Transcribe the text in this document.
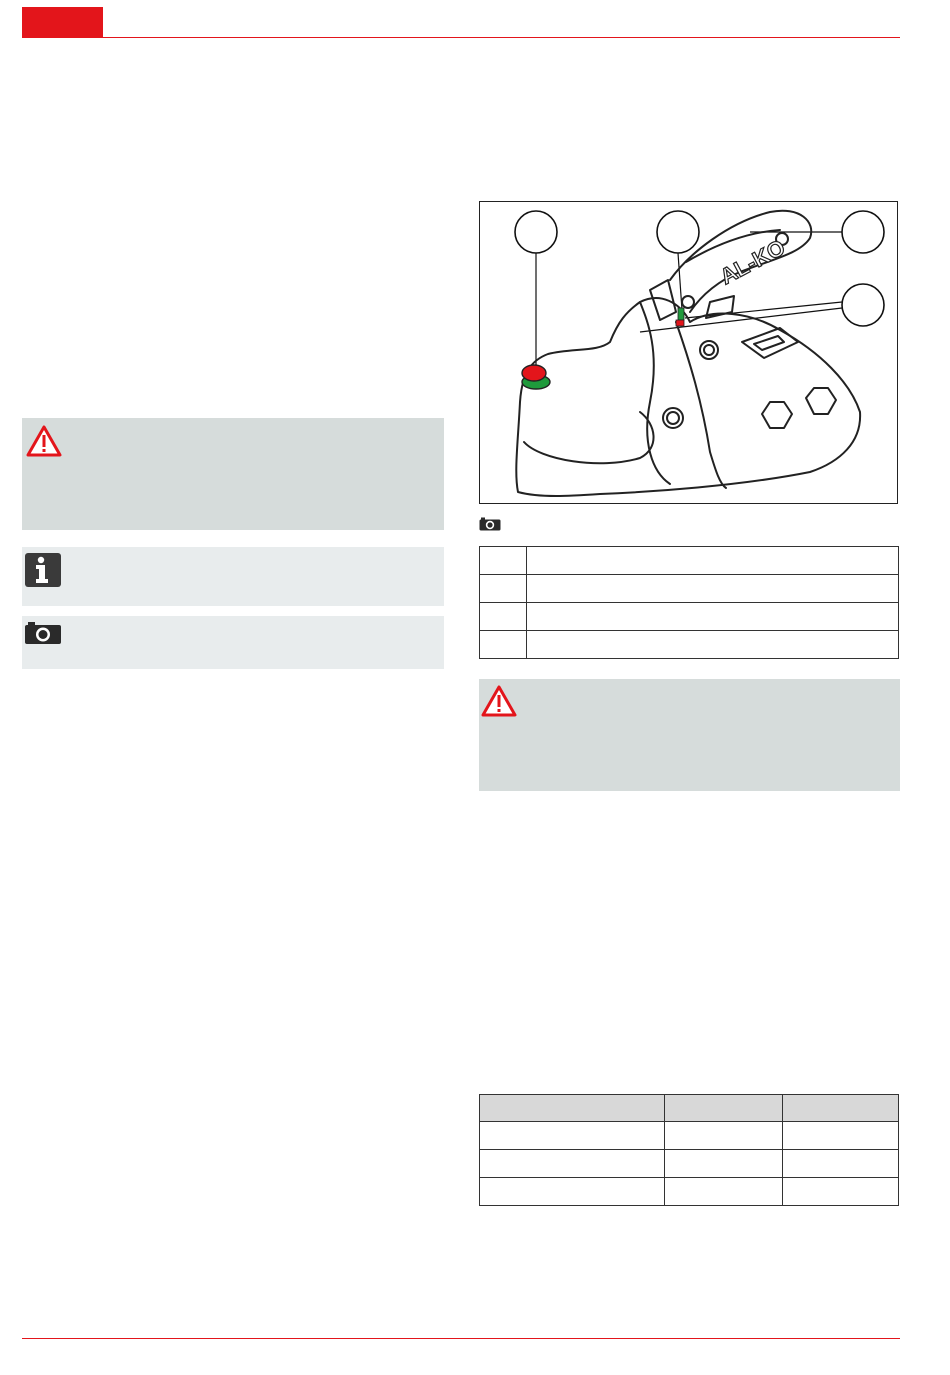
AL-KO
